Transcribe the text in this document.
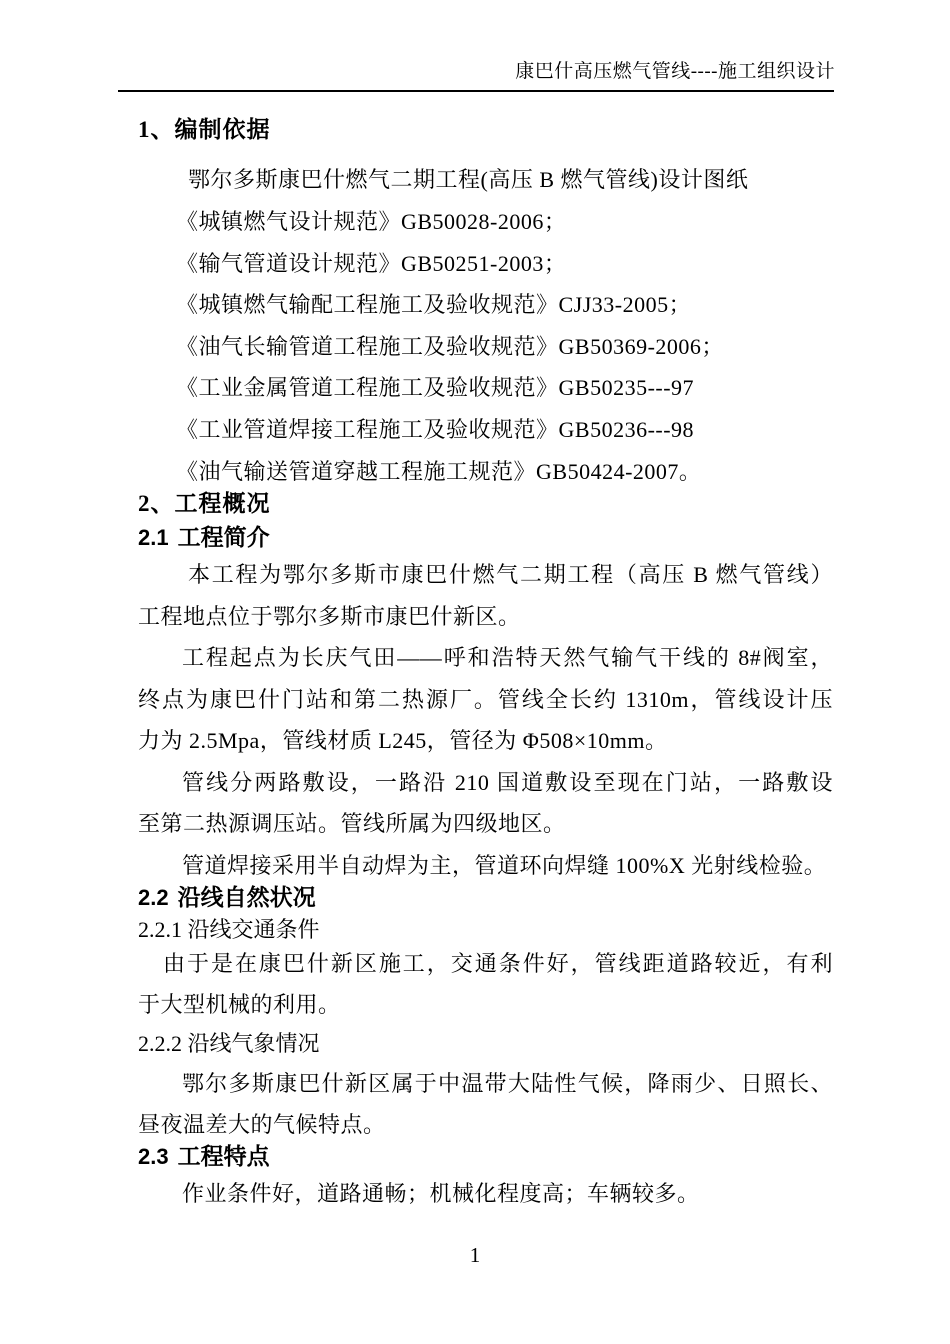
康巴什高压燃气管线----施工组织设计
1、编制依据
鄂尔多斯康巴什燃气二期工程(高压 B 燃气管线)设计图纸
《城镇燃气设计规范》GB50028-2006；
《输气管道设计规范》GB50251-2003；
《城镇燃气输配工程施工及验收规范》CJJ33-2005；
《油气长输管道工程施工及验收规范》GB50369-2006；
《工业金属管道工程施工及验收规范》GB50235---97
《工业管道焊接工程施工及验收规范》GB50236---98
《油气输送管道穿越工程施工规范》GB50424-2007。
2、工程概况
2.1 工程简介
本工程为鄂尔多斯市康巴什燃气二期工程（高压 B 燃气管线）
工程地点位于鄂尔多斯市康巴什新区。
工程起点为长庆气田——呼和浩特天然气输气干线的 8#阀室，
终点为康巴什门站和第二热源厂。管线全长约 1310m，管线设计压
力为 2.5Mpa，管线材质 L245，管径为 Φ508×10mm。
管线分两路敷设，一路沿 210 国道敷设至现在门站，一路敷设
至第二热源调压站。管线所属为四级地区。
管道焊接采用半自动焊为主，管道环向焊缝 100%X 光射线检验。
2.2 沿线自然状况
2.2.1 沿线交通条件
由于是在康巴什新区施工，交通条件好，管线距道路较近，有利
于大型机械的利用。
2.2.2 沿线气象情况
鄂尔多斯康巴什新区属于中温带大陆性气候，降雨少、日照长、
昼夜温差大的气候特点。
2.3 工程特点
作业条件好，道路通畅；机械化程度高；车辆较多。
1
